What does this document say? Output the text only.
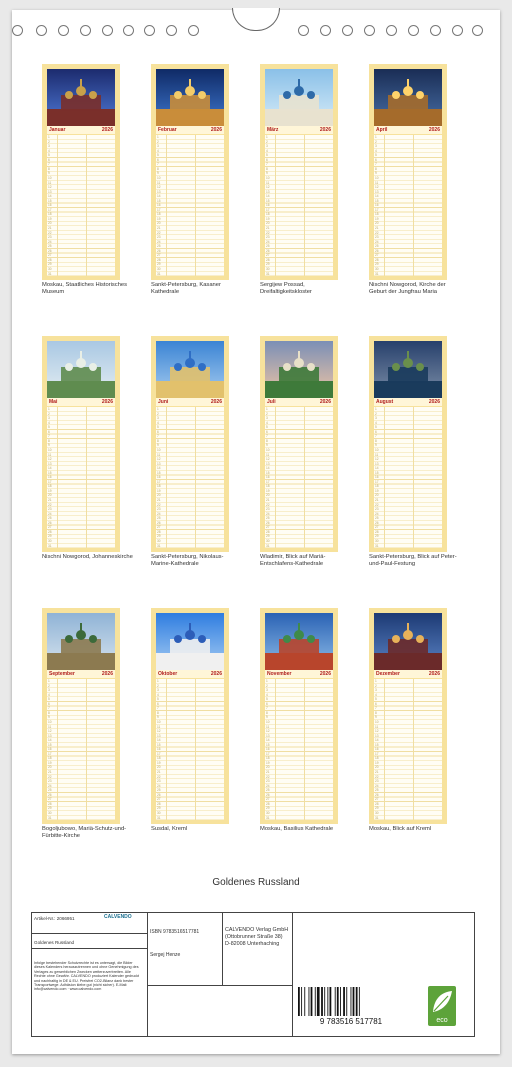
Januar	2026
1
2
3
4
5
6
7
8
9
10
11
12
13
14
15
16
17
18
19
20
21
22
23
24
25
26
27
28
29
30
31
Moskau, Staatliches Historisches Museum
Februar	2026
1
2
3
4
5
6
7
8
9
10
11
12
13
14
15
16
17
18
19
20
21
22
23
24
25
26
27
28
29
30
31
Sankt-Petersburg, Kasaner Kathedrale
März	2026
1
2
3
4
5
6
7
8
9
10
11
12
13
14
15
16
17
18
19
20
21
22
23
24
25
26
27
28
29
30
31
Sergijew Possad, Dreifaltigkeitskloster
April	2026
1
2
3
4
5
6
7
8
9
10
11
12
13
14
15
16
17
18
19
20
21
22
23
24
25
26
27
28
29
30
31
Nischni Nowgorod, Kirche der Geburt der Jungfrau Maria
Mai	2026
1
2
3
4
5
6
7
8
9
10
11
12
13
14
15
16
17
18
19
20
21
22
23
24
25
26
27
28
29
30
31
Nischni Nowgorod, Johanneskirche
Juni	2026
1
2
3
4
5
6
7
8
9
10
11
12
13
14
15
16
17
18
19
20
21
22
23
24
25
26
27
28
29
30
31
Sankt-Petersburg, Nikolaus-Marine-Kathedrale
Juli	2026
1
2
3
4
5
6
7
8
9
10
11
12
13
14
15
16
17
18
19
20
21
22
23
24
25
26
27
28
29
30
31
Wladimir, Blick auf Mariä-Entschlafens-Kathedrale
August	2026
1
2
3
4
5
6
7
8
9
10
11
12
13
14
15
16
17
18
19
20
21
22
23
24
25
26
27
28
29
30
31
Sankt-Petersburg, Blick auf Peter-und-Paul-Festung
September	2026
1
2
3
4
5
6
7
8
9
10
11
12
13
14
15
16
17
18
19
20
21
22
23
24
25
26
27
28
29
30
31
Bogoljubowo, Mariä-Schutz-und-Fürbitte-Kirche
Oktober	2026
1
2
3
4
5
6
7
8
9
10
11
12
13
14
15
16
17
18
19
20
21
22
23
24
25
26
27
28
29
30
31
Susdal, Kreml
November	2026
1
2
3
4
5
6
7
8
9
10
11
12
13
14
15
16
17
18
19
20
21
22
23
24
25
26
27
28
29
30
31
Moskau, Basilius Kathedrale
Dezember	2026
1
2
3
4
5
6
7
8
9
10
11
12
13
14
15
16
17
18
19
20
21
22
23
24
25
26
27
28
29
30
31
Moskau, Blick auf Kreml
Goldenes Russland
Artikel-Nr.: 2066951	CALVENDO
Goldenes Russland
Infolge bestehender Schutzrechte ist es untersagt, die Bilder dieses Kalenders herauszutrennen und ohne Genehmigung des Verlages zu gewerblichen Zwecken weiterzuverbreiten. Alle Rechte ohne Gewähr. CALVENDO produziert Kalender gedruckt und nachhaltig in DE & EU. Preisfrei CO2-Bilanz dank bester Transportwege. Adhäsion klebe gut (nicht sicher). E-Mail: info@calvendo.com · www.calvendo.com
ISBN 9783516517781
Sergej Henze
CALVENDO Verlag GmbH
(Ottobrunner Straße 38)
D-82008 Unterhaching
9 783516 517781	eco
